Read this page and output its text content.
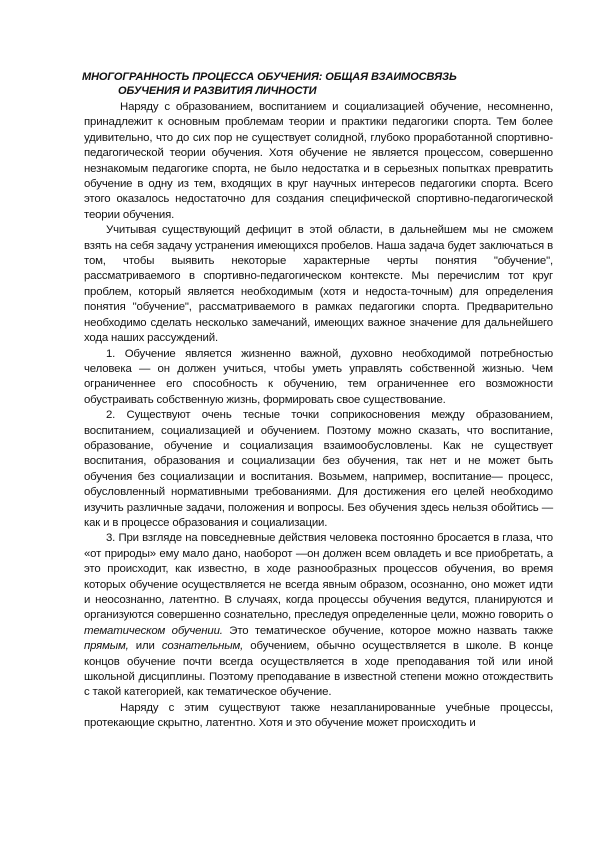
МНОГОГРАННОСТЬ ПРОЦЕССА ОБУЧЕНИЯ: ОБЩАЯ ВЗАИМОСВЯЗЬ
ОБУЧЕНИЯ И РАЗВИТИЯ ЛИЧНОСТИ

Наряду с образованием, воспитанием и социализацией обучение, несомненно, принадлежит к основным проблемам теории и практики педагогики спорта. Тем более удивительно, что до сих пор не существует солидной, глубоко проработанной спортивно-педагогической теории обучения. Хотя обучение не является процессом, совершенно незнакомым педагогике спорта, не было недостатка и в серьезных попытках превратить обучение в одну из тем, входящих в круг научных интересов педагогики спорта. Всего этого оказалось недостаточно для создания специфической спортивно-педагогической теории обучения.

Учитывая существующий дефицит в этой области, в дальнейшем мы не сможем взять на себя задачу устранения имеющихся пробелов. Наша задача будет заключаться в том, чтобы выявить некоторые характерные черты понятия "обучение", рассматриваемого в спортивно-педагогическом контексте. Мы перечислим тот круг проблем, который является необходимым (хотя и недоста-точным) для определения понятия "обучение", рассматриваемого в рамках педагогики спорта. Предварительно необходимо сделать несколько замечаний, имеющих важное значение для дальнейшего хода наших рассуждений.

1. Обучение является жизненно важной, духовно необходимой потребностью человека — он должен учиться, чтобы уметь управлять собственной жизнью. Чем ограниченнее его способность к обучению, тем ограниченнее его возможности обустраивать собственную жизнь, формировать свое существование.

2. Существуют очень тесные точки соприкосновения между образованием, воспитанием, социализацией и обучением. Поэтому можно сказать, что воспитание, образование, обучение и социализация взаимообусловлены. Как не существует воспитания, образования и социализации без обучения, так нет и не может быть обучения без социализации и воспитания. Возьмем, например, воспитание— процесс, обусловленный нормативными требованиями. Для достижения его целей необходимо изучить различные задачи, положения и вопросы. Без обучения здесь нельзя обойтись — как и в процессе образования и социализации.

3. При взгляде на повседневные действия человека постоянно бросается в глаза, что «от природы» ему мало дано, наоборот —он должен всем овладеть и все приобретать, а это происходит, как известно, в ходе разнообразных процессов обучения, во время которых обучение осуществляется не всегда явным образом, осознанно, оно может идти и неосознанно, латентно. В случаях, когда процессы обучения ведутся, планируются и организуются совершенно сознательно, преследуя определенные цели, можно говорить о тематическом обучении. Это тематическое обучение, которое можно назвать также прямым, или сознательным, обучением, обычно осуществляется в школе. В конце концов обучение почти всегда осуществляется в ходе преподавания той или иной школьной дисциплины. Поэтому преподавание в известной степени можно отождествить с такой категорией, как тематическое обучение.

Наряду с этим существуют также незапланированные учебные процессы, протекающие скрытно, латентно. Хотя и это обучение может происходить и
